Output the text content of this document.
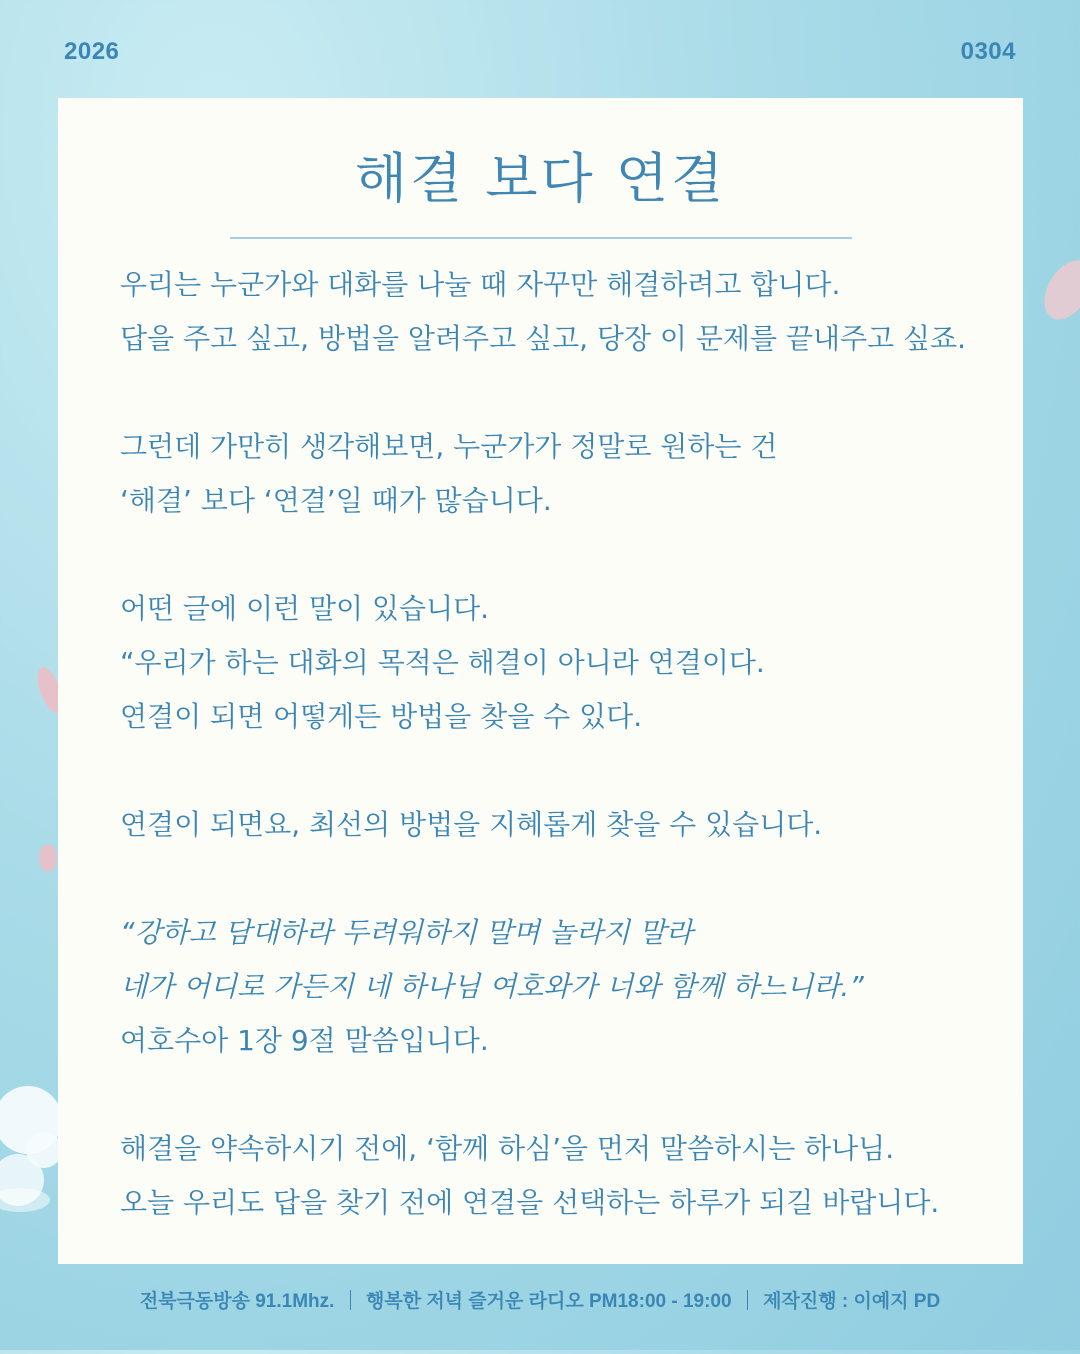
2026	0304
해결 보다 연결
우리는 누군가와 대화를 나눌 때 자꾸만 해결하려고 합니다.
답을 주고 싶고, 방법을 알려주고 싶고, 당장 이 문제를 끝내주고 싶죠.
그런데 가만히 생각해보면, 누군가가 정말로 원하는 건
‘해결’ 보다 ‘연결’일 때가 많습니다.
어떤 글에 이런 말이 있습니다.
“우리가 하는 대화의 목적은 해결이 아니라 연결이다.
연결이 되면 어떻게든 방법을 찾을 수 있다.
연결이 되면요, 최선의 방법을 지혜롭게 찾을 수 있습니다.
“강하고 담대하라 두려워하지 말며 놀라지 말라
네가 어디로 가든지 네 하나님 여호와가 너와 함께 하느니라.”
여호수아 1장 9절 말씀입니다.
해결을 약속하시기 전에, ‘함께 하심’을 먼저 말씀하시는 하나님.
오늘 우리도 답을 찾기 전에 연결을 선택하는 하루가 되길 바랍니다.
전북극동방송 91.1Mhz. 행복한 저녁 즐거운 라디오 PM18:00 - 19:00 제작진행 : 이예지 PD
